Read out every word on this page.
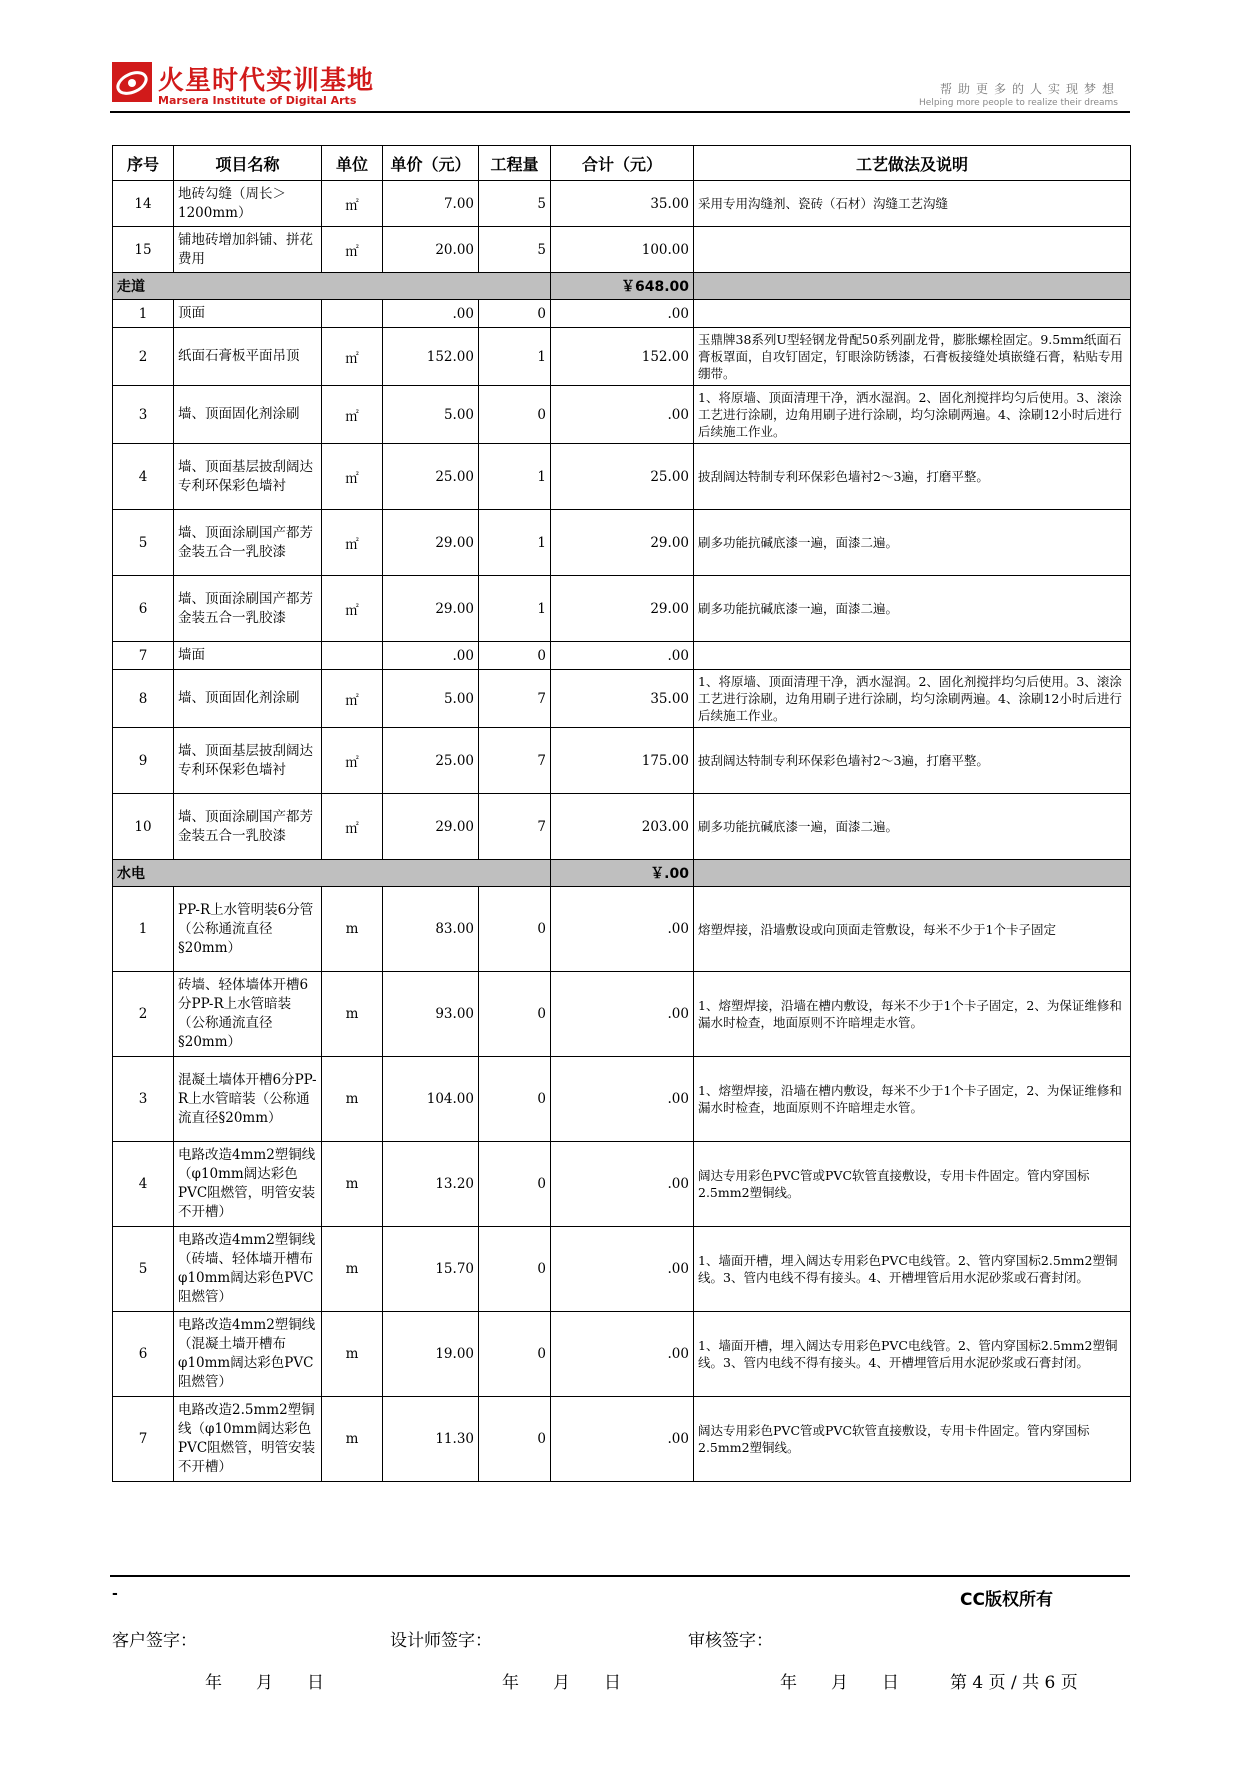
火星时代实训基地
Marsera Institute of Digital Arts
帮助更多的人实现梦想
Helping more people to realize their dreams
序号	项目名称	单位	单价（元）	工程量	合计（元）	工艺做法及说明
14	地砖勾缝（周长＞1200mm）	㎡	7.00	5	35.00	采用专用沟缝剂、瓷砖（石材）沟缝工艺沟缝
15	铺地砖增加斜铺、拼花费用	㎡	20.00	5	100.00	
走道					￥648.00	
1	顶面		.00	0	.00	
2	纸面石膏板平面吊顶	㎡	152.00	1	152.00	玉鼎牌38系列U型轻钢龙骨配50系列副龙骨，膨胀螺栓固定。9.5mm纸面石膏板罩面，自攻钉固定，钉眼涂防锈漆，石膏板接缝处填嵌缝石膏，粘贴专用绷带。
3	墙、顶面固化剂涂刷	㎡	5.00	0	.00	1、将原墙、顶面清理干净，洒水湿润。2、固化剂搅拌均匀后使用。3、滚涂工艺进行涂刷，边角用刷子进行涂刷，均匀涂刷两遍。4、涂刷12小时后进行后续施工作业。
4	墙、顶面基层披刮阔达专利环保彩色墙衬	㎡	25.00	1	25.00	披刮阔达特制专利环保彩色墙衬2～3遍，打磨平整。
5	墙、顶面涂刷国产都芳金装五合一乳胶漆	㎡	29.00	1	29.00	刷多功能抗碱底漆一遍，面漆二遍。
6	墙、顶面涂刷国产都芳金装五合一乳胶漆	㎡	29.00	1	29.00	刷多功能抗碱底漆一遍，面漆二遍。
7	墙面		.00	0	.00	
8	墙、顶面固化剂涂刷	㎡	5.00	7	35.00	1、将原墙、顶面清理干净，洒水湿润。2、固化剂搅拌均匀后使用。3、滚涂工艺进行涂刷，边角用刷子进行涂刷，均匀涂刷两遍。4、涂刷12小时后进行后续施工作业。
9	墙、顶面基层披刮阔达专利环保彩色墙衬	㎡	25.00	7	175.00	披刮阔达特制专利环保彩色墙衬2～3遍，打磨平整。
10	墙、顶面涂刷国产都芳金装五合一乳胶漆	㎡	29.00	7	203.00	刷多功能抗碱底漆一遍，面漆二遍。
水电					￥.00	
1	PP-R上水管明装6分管（公称通流直径§20mm）	m	83.00	0	.00	熔塑焊接，沿墙敷设或向顶面走管敷设，每米不少于1个卡子固定
2	砖墙、轻体墙体开槽6分PP-R上水管暗装（公称通流直径§20mm）	m	93.00	0	.00	1、熔塑焊接，沿墙在槽内敷设，每米不少于1个卡子固定，2、为保证维修和漏水时检查，地面原则不许暗埋走水管。
3	混凝土墙体开槽6分PP-R上水管暗装（公称通流直径§20mm）	m	104.00	0	.00	1、熔塑焊接，沿墙在槽内敷设，每米不少于1个卡子固定，2、为保证维修和漏水时检查，地面原则不许暗埋走水管。
4	电路改造4mm2塑铜线（φ10mm阔达彩色PVC阻燃管，明管安装不开槽）	m	13.20	0	.00	阔达专用彩色PVC管或PVC软管直接敷设，专用卡件固定。管内穿国标2.5mm2塑铜线。
5	电路改造4mm2塑铜线（砖墙、轻体墙开槽布φ10mm阔达彩色PVC阻燃管）	m	15.70	0	.00	1、墙面开槽，埋入阔达专用彩色PVC电线管。2、管内穿国标2.5mm2塑铜线。3、管内电线不得有接头。4、开槽埋管后用水泥砂浆或石膏封闭。
6	电路改造4mm2塑铜线（混凝土墙开槽布φ10mm阔达彩色PVC阻燃管）	m	19.00	0	.00	1、墙面开槽，埋入阔达专用彩色PVC电线管。2、管内穿国标2.5mm2塑铜线。3、管内电线不得有接头。4、开槽埋管后用水泥砂浆或石膏封闭。
7	电路改造2.5mm2塑铜线（φ10mm阔达彩色PVC阻燃管，明管安装不开槽）	m	11.30	0	.00	阔达专用彩色PVC管或PVC软管直接敷设，专用卡件固定。管内穿国标2.5mm2塑铜线。
-	CC版权所有
客户签字：	设计师签字：	审核签字：
年　　月　　日	年　　月　　日	年　　月　　日	第 4 页 / 共 6 页
